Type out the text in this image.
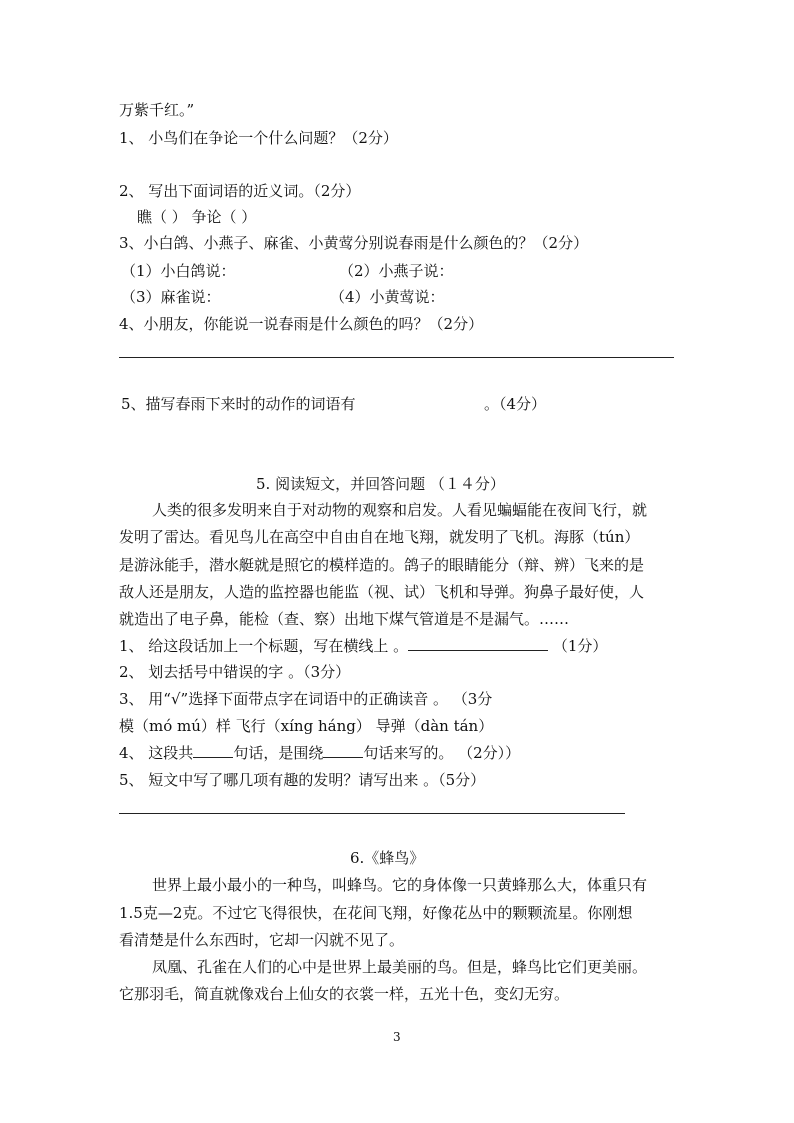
万紫千红。”
1、 小鸟们在争论一个什么问题？（2分）
2、 写出下面词语的近义词。（2分）
瞧（ ） 争论（ ）
3、小白鸽、小燕子、麻雀、小黄莺分别说春雨是什么颜色的？（2分）
（1）小白鸽说：	（2）小燕子说：
（3）麻雀说：	（4）小黄莺说：
4、小朋友，你能说一说春雨是什么颜色的吗？（2分）
5、描写春雨下来时的动作的词语有	。（4分）
5. 阅读短文，并回答问题 （１４分）
人类的很多发明来自于对动物的观察和启发。人看见蝙蝠能在夜间飞行，就
发明了雷达。看见鸟儿在高空中自由自在地飞翔，就发明了飞机。海豚（tún）
是游泳能手，潜水艇就是照它的模样造的。鸽子的眼睛能分（辩、辨）飞来的是
敌人还是朋友，人造的监控器也能监（视、试）飞机和导弹。狗鼻子最好使，人
就造出了电子鼻，能检（查、察）出地下煤气管道是不是漏气。……
1、 给这段话加上一个标题，写在横线上 。	（1分）
2、 划去括号中错误的字 。（3分）
3、 用“√”选择下面带点字在词语中的正确读音 。 （3分
模（mó mú）样 飞行（xíng háng） 导弹（dàn tán）
4、 这段共	句话，是围绕	句话来写的。 （2分））
5、 短文中写了哪几项有趣的发明？请写出来 。（5分）
6.《蜂鸟》
世界上最小最小的一种鸟，叫蜂鸟。它的身体像一只黄蜂那么大，体重只有
1.5克—2克。不过它飞得很快，在花间飞翔，好像花丛中的颗颗流星。你刚想
看清楚是什么东西时，它却一闪就不见了。
凤凰、孔雀在人们的心中是世界上最美丽的鸟。但是，蜂鸟比它们更美丽。
它那羽毛，简直就像戏台上仙女的衣裳一样，五光十色，变幻无穷。
3
